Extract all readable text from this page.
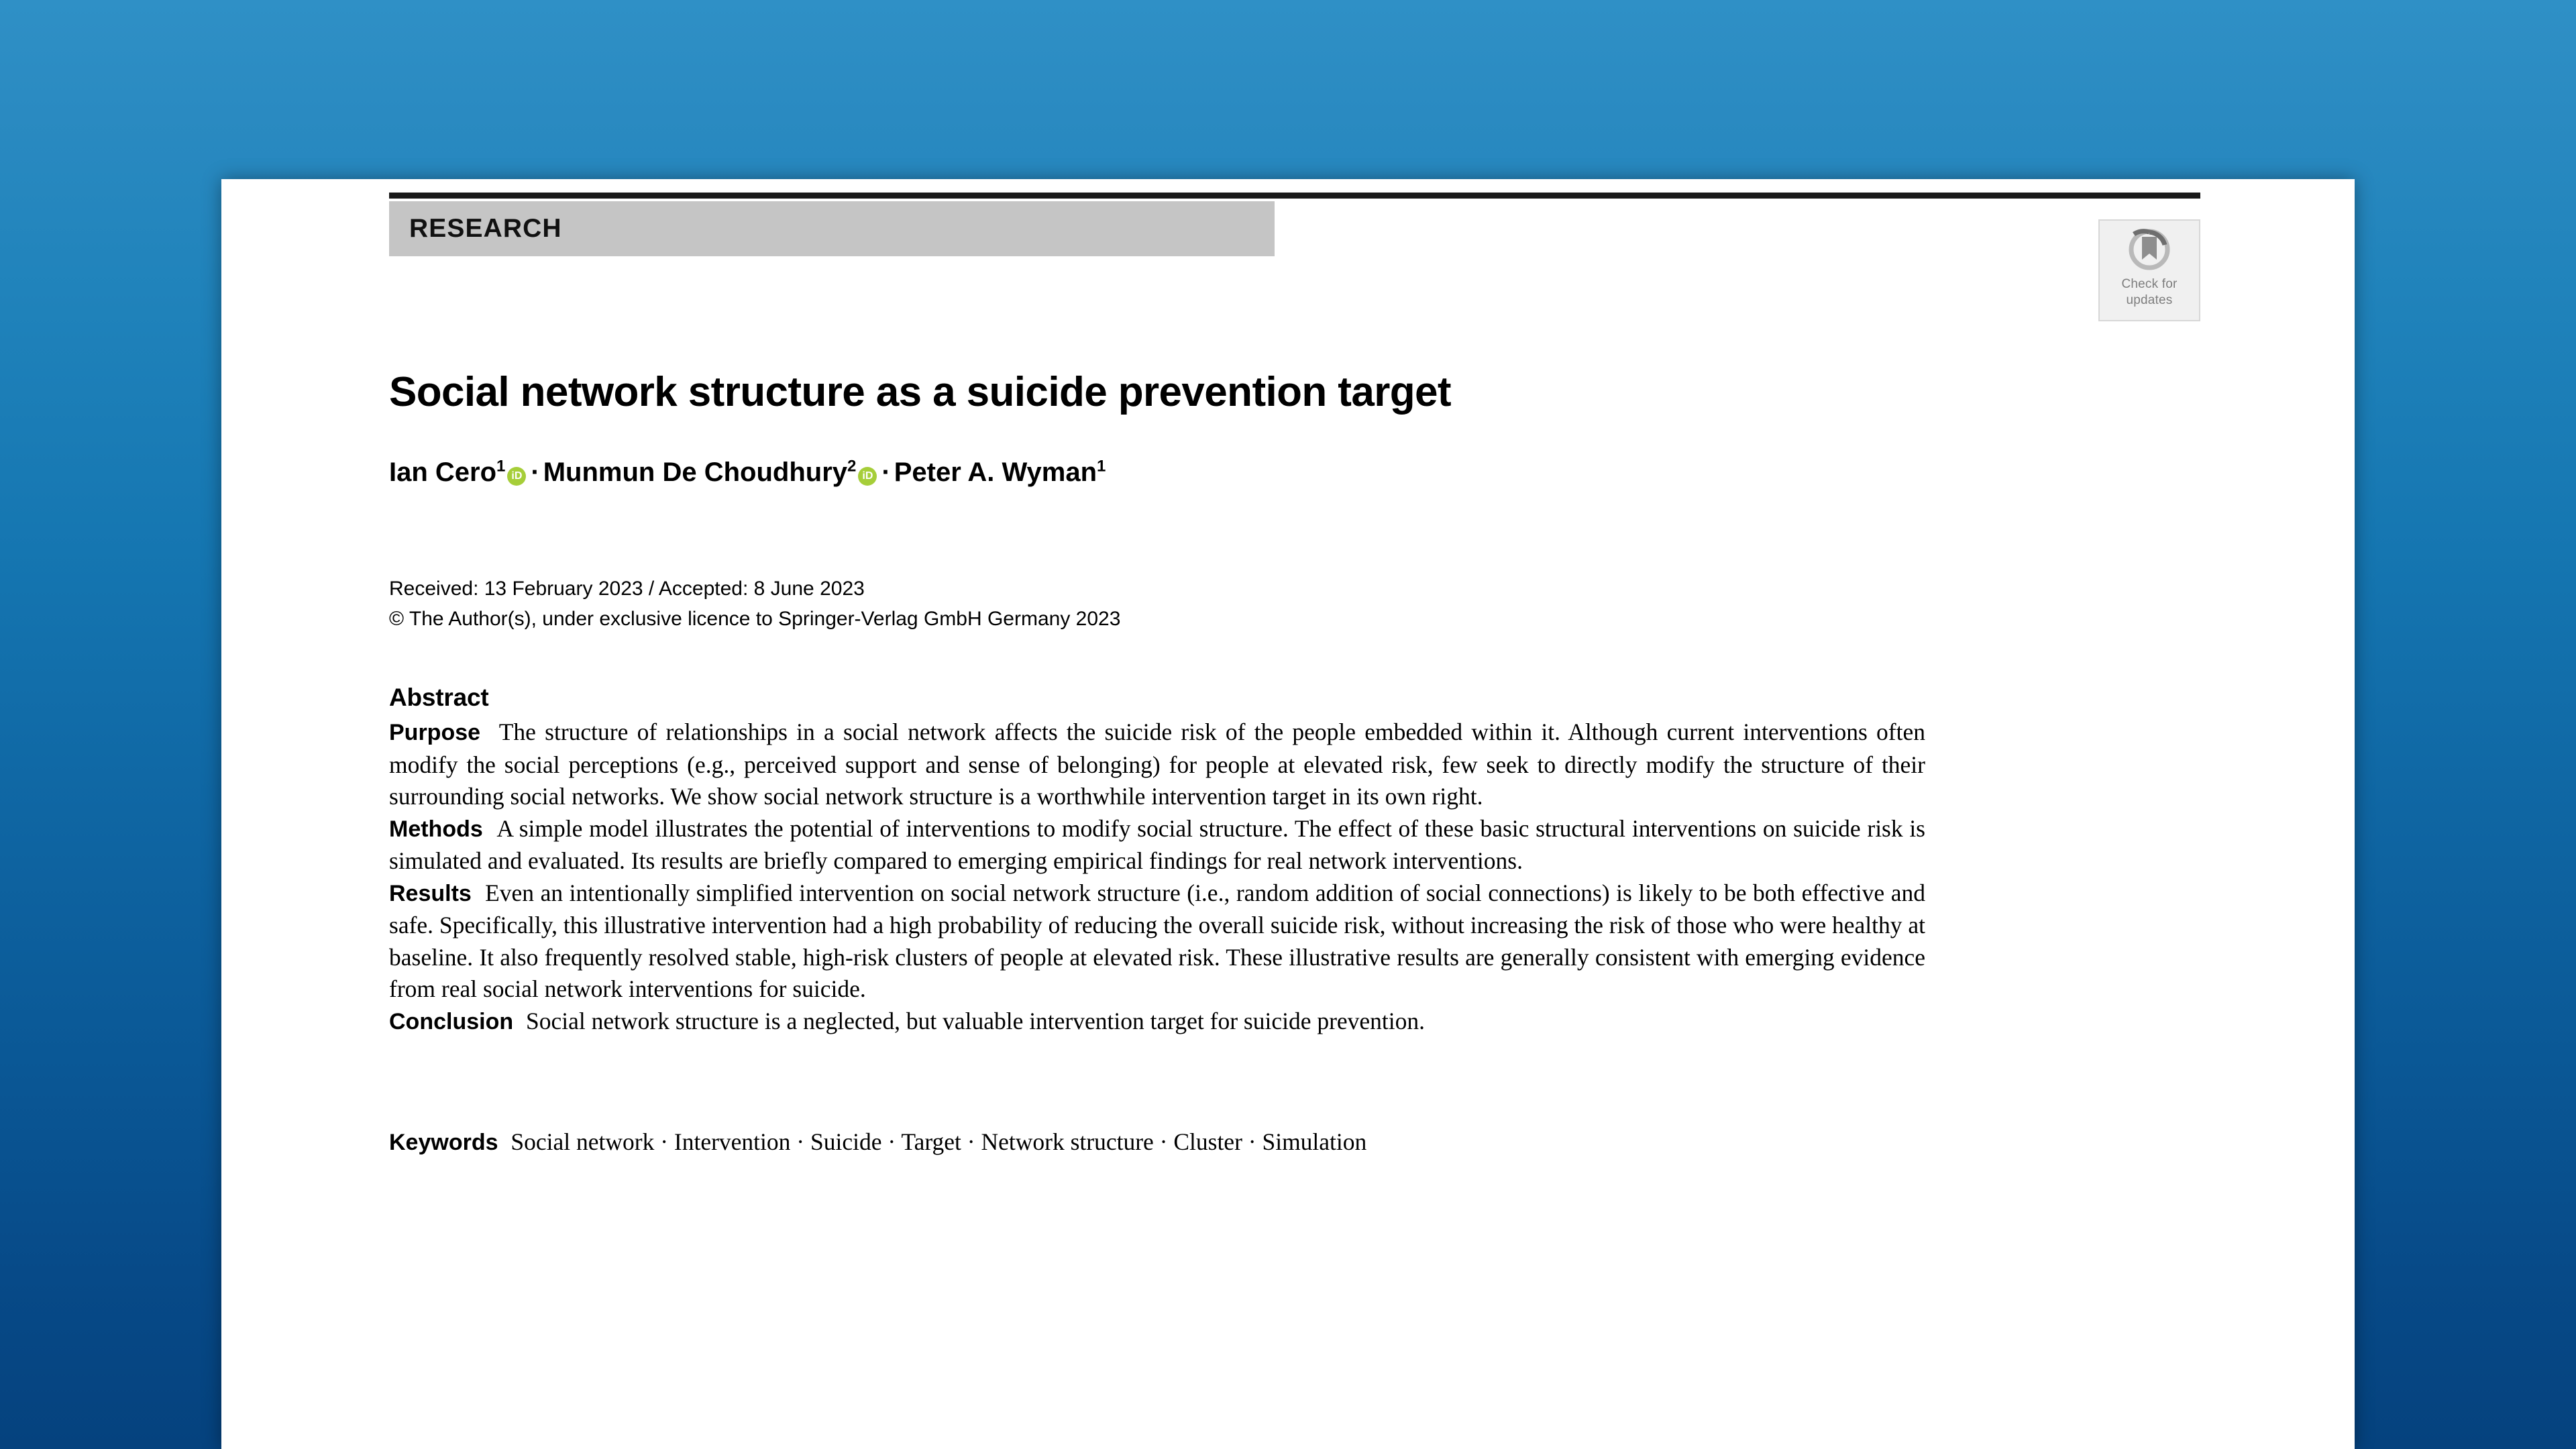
RESEARCH
Check for
updates
Social network structure as a suicide prevention target
Ian Cero$^1$iD · Munmun De Choudhury$^2$iD · Peter A. Wyman$^1$
Received: 13 February 2023 / Accepted: 8 June 2023
© The Author(s), under exclusive licence to Springer-Verlag GmbH Germany 2023
Abstract

Purpose The structure of relationships in a social network affects the suicide risk of the people embedded within it. Although current interventions often modify the social perceptions (e.g., perceived support and sense of belonging) for people at elevated risk, few seek to directly modify the structure of their surrounding social networks. We show social network structure is a worthwhile intervention target in its own right.

Methods A simple model illustrates the potential of interventions to modify social structure. The effect of these basic structural interventions on suicide risk is simulated and evaluated. Its results are briefly compared to emerging empirical findings for real network interventions.

Results Even an intentionally simplified intervention on social network structure (i.e., random addition of social connections) is likely to be both effective and safe. Specifically, this illustrative intervention had a high probability of reducing the overall suicide risk, without increasing the risk of those who were healthy at baseline. It also frequently resolved stable, high-risk clusters of people at elevated risk. These illustrative results are generally consistent with emerging evidence from real social network interventions for suicide.

Conclusion Social network structure is a neglected, but valuable intervention target for suicide prevention.

Keywords Social network · Intervention · Suicide · Target · Network structure · Cluster · Simulation
